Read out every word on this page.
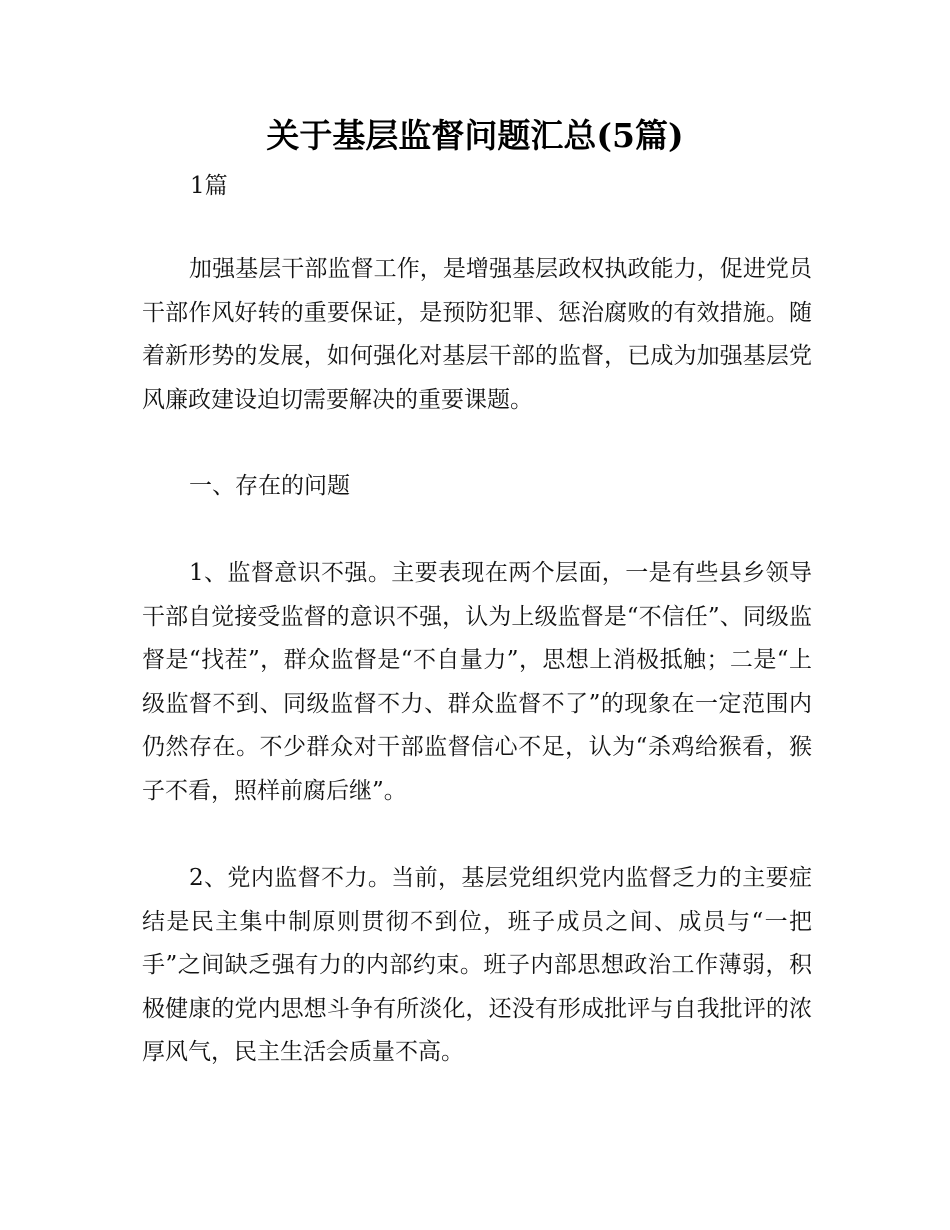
关于基层监督问题汇总(5篇)
1篇

加强基层干部监督工作，是增强基层政权执政能力，促进党员干部作风好转的重要保证，是预防犯罪、惩治腐败的有效措施。随着新形势的发展，如何强化对基层干部的监督，已成为加强基层党风廉政建设迫切需要解决的重要课题。

一、存在的问题

1、监督意识不强。主要表现在两个层面，一是有些县乡领导干部自觉接受监督的意识不强，认为上级监督是“不信任”、同级监督是“找茬”，群众监督是“不自量力”，思想上消极抵触；二是“上级监督不到、同级监督不力、群众监督不了”的现象在一定范围内仍然存在。不少群众对干部监督信心不足，认为“杀鸡给猴看，猴子不看，照样前腐后继”。

2、党内监督不力。当前，基层党组织党内监督乏力的主要症结是民主集中制原则贯彻不到位，班子成员之间、成员与“一把手”之间缺乏强有力的内部约束。班子内部思想政治工作薄弱，积极健康的党内思想斗争有所淡化，还没有形成批评与自我批评的浓厚风气，民主生活会质量不高。
